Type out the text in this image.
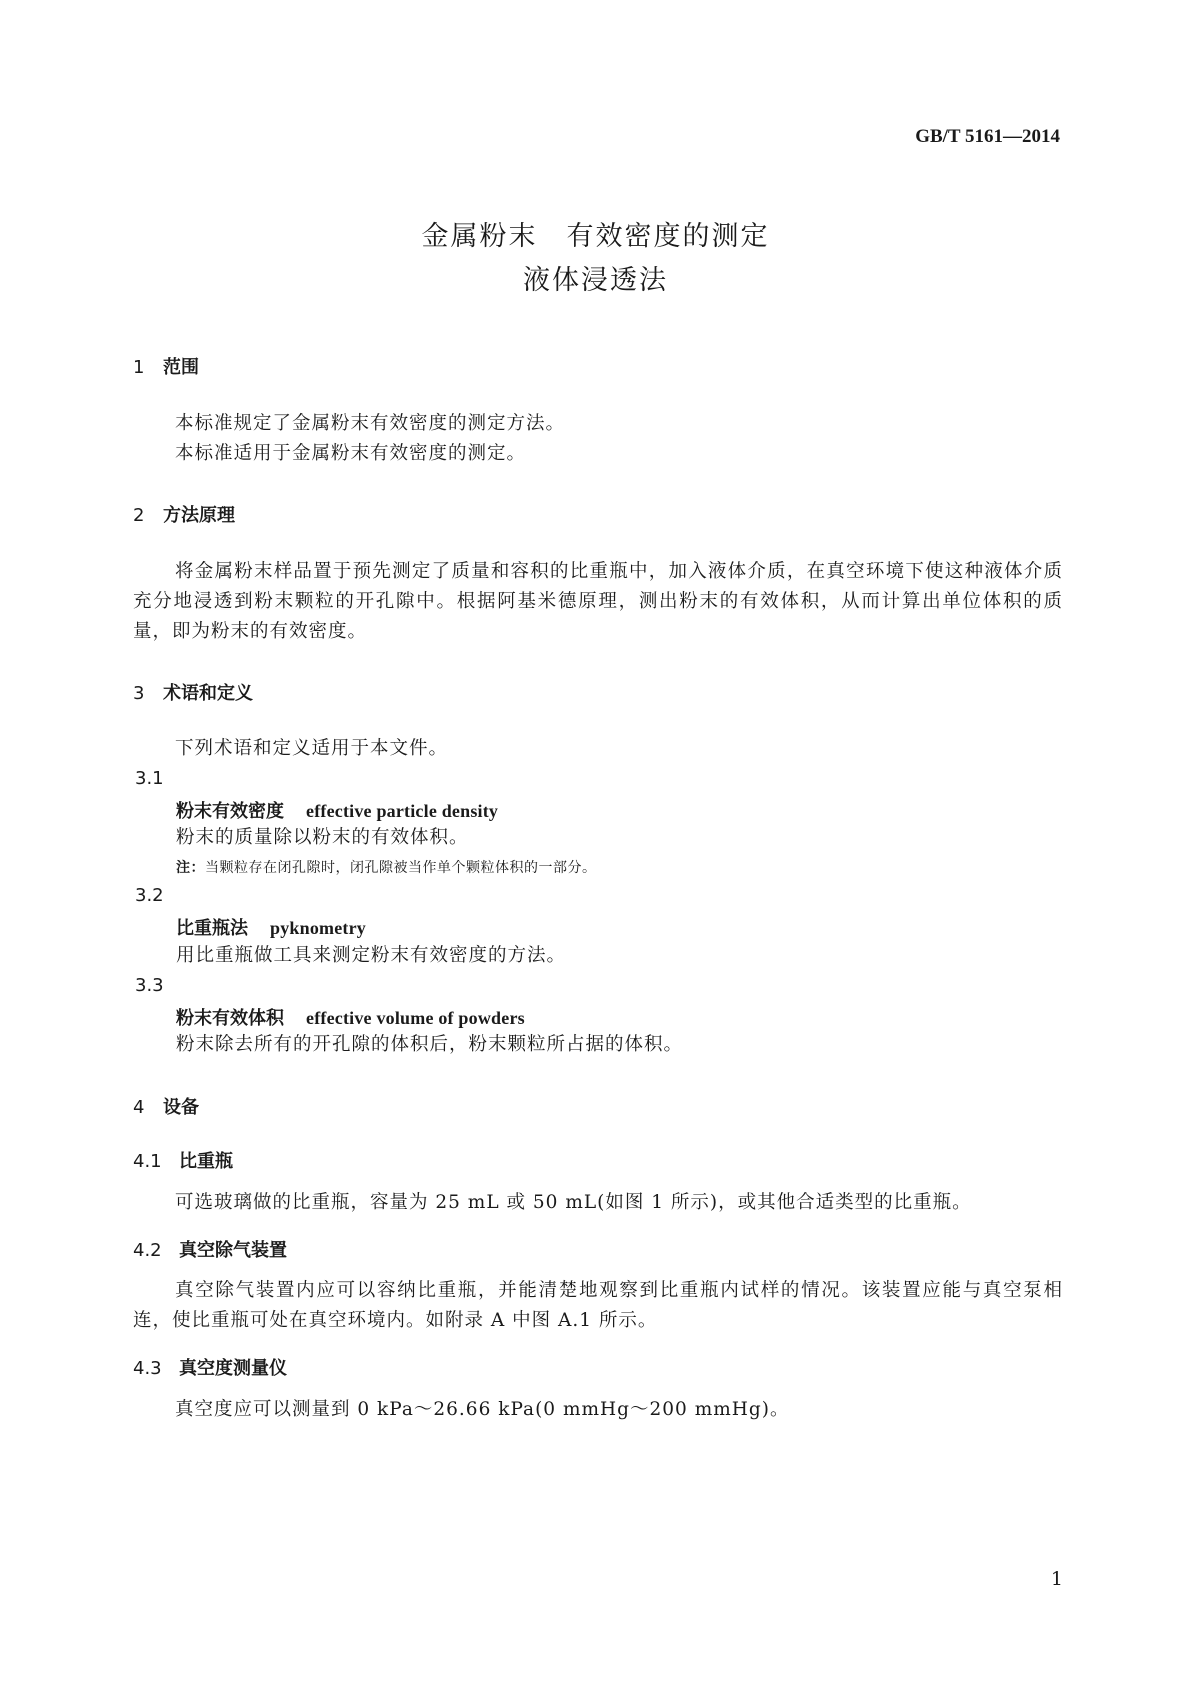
GB/T 5161—2014
金属粉末　有效密度的测定
液体浸透法
1 范围
本标准规定了金属粉末有效密度的测定方法。
本标准适用于金属粉末有效密度的测定。
2 方法原理
将金属粉末样品置于预先测定了质量和容积的比重瓶中，加入液体介质，在真空环境下使这种液体介质充分地浸透到粉末颗粒的开孔隙中。根据阿基米德原理，测出粉末的有效体积，从而计算出单位体积的质量，即为粉末的有效密度。
3 术语和定义
下列术语和定义适用于本文件。
3.1
粉末有效密度 effective particle density
粉末的质量除以粉末的有效体积。
注：当颗粒存在闭孔隙时，闭孔隙被当作单个颗粒体积的一部分。
3.2
比重瓶法 pyknometry
用比重瓶做工具来测定粉末有效密度的方法。
3.3
粉末有效体积 effective volume of powders
粉末除去所有的开孔隙的体积后，粉末颗粒所占据的体积。
4 设备
4.1 比重瓶
可选玻璃做的比重瓶，容量为 25 mL 或 50 mL(如图 1 所示)，或其他合适类型的比重瓶。
4.2 真空除气装置
真空除气装置内应可以容纳比重瓶，并能清楚地观察到比重瓶内试样的情况。该装置应能与真空泵相连，使比重瓶可处在真空环境内。如附录 A 中图 A.1 所示。
4.3 真空度测量仪
真空度应可以测量到 0 kPa～26.66 kPa(0 mmHg～200 mmHg)。
1
